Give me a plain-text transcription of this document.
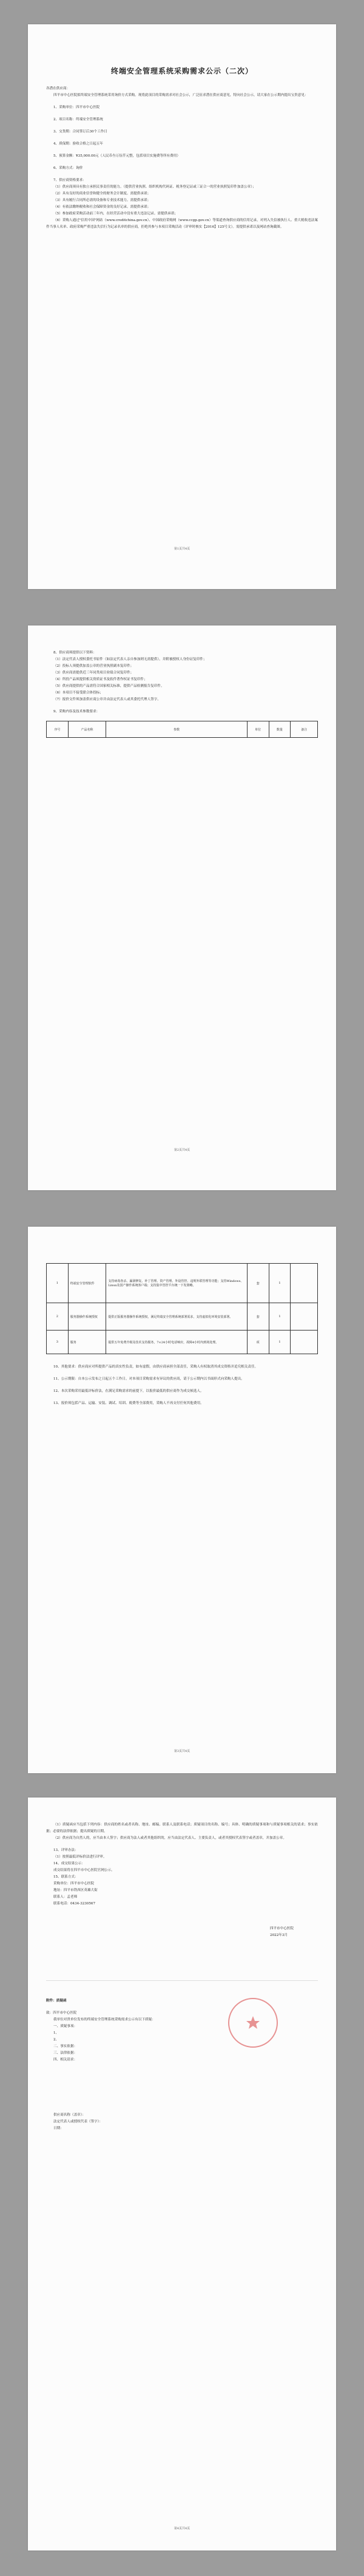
终端安全管理系统采购需求公示（二次）

各潜在供应商：

四平市中心医院拟终端安全管理系统采用询价方式采购。现将此项目的采购需求对社会公示，广泛征求潜在供应商意见，特向社会公示，请大家在公示期内提出宝贵意见：

1、采购单位：四平市中心医院

2、项目名称：终端安全管理系统

3、交货期：合同签订后30个工作日

4、质保期：验收合格之日起五年

5、预算金额：¥35,000.00元（人民币叁万伍仟元整，包括项目实施费等所有费用）

6、采购方式：询价

7、供应商资格要求：

（1）供应商须具有独立承担民事责任的能力。（提供营业执照、组织机构代码证、税务登记证或三证合一的营业执照复印件加盖公章）；

（2）具有良好的商业信誉和健全的财务会计制度。需提供承诺；

（3）具有履行合同所必需的设备和专业技术能力。需提供承诺；

（4）有依法缴纳税收和社会保障资金的良好记录。需提供承诺；

（5）参加政府采购活动前三年内，在经营活动中没有重大违法记录。需提供承诺；

（6）采购人通过"信用中国"网站（www.creditchina.gov.cn）、中国政府采购网（www.ccgp.gov.cn）等渠道查询供应商的信用记录，对列入失信被执行人、重大税收违法案件当事人名单、政府采购严重违法失信行为记录名单的供应商，拒绝其参与本项目采购活动（评审时核实【2016】125号文）。需提供承诺以及网站查询截图。

第1页共4页

8、供应商须提供以下资料：

（1）法定代表人授权委托书原件（如法定代表人亲自参加则无需提供），并附被授权人身份证复印件；

（2）投标人须提供加盖公章的营业执照副本复印件；

（3）供应商需提供近三年同类项目业绩合同复印件；

（4）所投产品须提供相关资质证书及软件著作权证书复印件；

（5）供应商提供的产品需符合国家相关标准，提供产品检测报告复印件。

（6）本项目不接受联合体投标；

（7）报价文件须加盖供应商公章并由法定代表人或其委托代理人签字。

9、采购内容及技术参数要求：

序号	产品名称	参数	单位	数量	备注
第2页共4页
1	终端安全管理软件	支持病毒查杀、漏洞修复、补丁管理、资产管理、外设管控、违规外联管理等功能；支持Windows、Linux及国产操作系统客户端；支持集中管控平台统一下发策略。	套	1	
2	服务器操作系统授权	提供正版服务器操作系统授权，满足终端安全管理系统部署需求，支持虚拟化环境安装部署。	套	1	
3	服务	提供五年免费升级及技术支持服务，7×24小时电话响应，故障4小时内到场处理。	项	1	

10、其他要求：供应商应对所提供产品的真实性负责，如有虚假，由供应商承担全部责任，采购人有权取消其成交资格并追究相关责任。

11、公示期限：自本公示发布之日起五个工作日。对本项目采购需求有异议的供应商，请于公示期内以书面形式向采购人提出。

12、本次采购采用最低评标价法，在满足采购需求的前提下，以报价最低的供应商作为成交候选人。

13、报价须包括产品、运输、安装、调试、培训、税费等全部费用，采购人不再支付任何其他费用。

第3页共4页

（1）质疑函应当包括下列内容：供应商的姓名或者名称、地址、邮编、联系人及联系电话；质疑项目的名称、编号；具体、明确的质疑事项和与质疑事项相关的请求；事实依据；必要的法律依据；提出质疑的日期。

（2）供应商为自然人的，应当由本人签字；供应商为法人或者其他组织的，应当由法定代表人、主要负责人，或者其授权代表签字或者盖章，并加盖公章。

13、评审办法：

（1）按照最低评标价法进行评审。

14、成交结果公示：

成交结果将在四平市中心医院官网公示。

15、联系方式：

采购单位：四平市中心医院

地址：四平市铁西区英雄大街

联系人：孟老师

联系电话：0434-3230567

四平市中心医院

2022年3月

附件：质疑函

致：四平市中心医院

我单位对贵单位发布的终端安全管理系统采购需求公示有以下质疑：

一、质疑事项：

1、

2、

二、事实依据：

三、法律依据：

四、相关请求：

供应商名称（盖章）：

法定代表人或授权代表（签字）：

日期：

第4页共4页
